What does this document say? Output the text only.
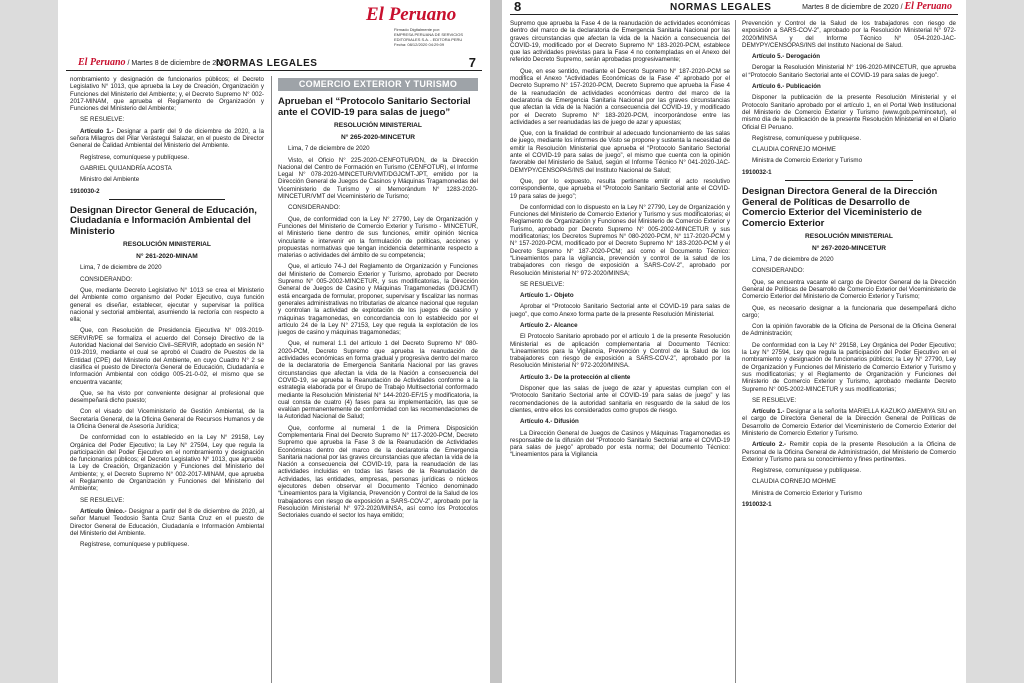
El Peruano
Firmado Digitalmente por:
EMPRESA PERUANA DE SERVICIOS
EDITORIALES S.A. - EDITORA PERU
Fecha: 08/12/2020 04:29:09
El Peruano / Martes 8 de diciembre de 2020
NORMAS LEGALES	7

nombramiento y designación de funcionarios públicos; el Decreto Legislativo N° 1013, que aprueba la Ley de Creación, Organización y Funciones del Ministerio del Ambiente; y, el Decreto Supremo N° 002-2017-MINAM, que aprueba el Reglamento de Organización y Funciones del Ministerio del Ambiente;

SE RESUELVE:

Artículo 1.- Designar a partir del 9 de diciembre de 2020, a la señora Milagros del Pilar Verástegui Salazar, en el puesto de Director General de Calidad Ambiental del Ministerio del Ambiente.

Regístrese, comuníquese y publíquese.

GABRIEL QUIJANDRÍA ACOSTA

Ministro del Ambiente

1910030-2

Designan Director General de Educación, Ciudadanía e Información Ambiental del Ministerio

RESOLUCIÓN MINISTERIAL

N° 261-2020-MINAM

Lima, 7 de diciembre de 2020

CONSIDERANDO:

Que, mediante Decreto Legislativo N° 1013 se crea el Ministerio del Ambiente como organismo del Poder Ejecutivo, cuya función general es diseñar, establecer, ejecutar y supervisar la política nacional y sectorial ambiental, asumiendo la rectoría con respecto a ella;

Que, con Resolución de Presidencia Ejecutiva N° 093-2019-SERVIR/PE se formaliza el acuerdo del Consejo Directivo de la Autoridad Nacional del Servicio Civil–SERVIR, adoptado en sesión N° 019-2019, mediante el cual se aprobó el Cuadro de Puestos de la Entidad (CPE) del Ministerio del Ambiente, en cuyo Cuadro N° 2 se clasifica el puesto de Director/a General de Educación, Ciudadanía e Información Ambiental con código 005-21-0-02, el mismo que se encuentra vacante;

Que, se ha visto por conveniente designar al profesional que desempeñará dicho puesto;

Con el visado del Viceministerio de Gestión Ambiental, de la Secretaría General, de la Oficina General de Recursos Humanos y de la Oficina General de Asesoría Jurídica;

De conformidad con lo establecido en la Ley N° 29158, Ley Orgánica del Poder Ejecutivo; la Ley N° 27594, Ley que regula la participación del Poder Ejecutivo en el nombramiento y designación de funcionarios públicos; el Decreto Legislativo N° 1013, que aprueba la Ley de Creación, Organización y Funciones del Ministerio del Ambiente; y, el Decreto Supremo N° 002-2017-MINAM, que aprueba el Reglamento de Organización y Funciones del Ministerio del Ambiente;

SE RESUELVE:

Artículo Único.- Designar a partir del 8 de diciembre de 2020, al señor Manuel Teodosio Santa Cruz Santa Cruz en el puesto de Director General de Educación, Ciudadanía e Información Ambiental del Ministerio del Ambiente.

Regístrese, comuníquese y publíquese.

COMERCIO EXTERIOR Y TURISMO

Aprueban el “Protocolo Sanitario Sectorial ante el COVID-19 para salas de juego”

RESOLUCIÓN MINISTERIAL

N° 265-2020-MINCETUR

Lima, 7 de diciembre de 2020

Visto, el Oficio N° 225-2020-CENFOTUR/DN, de la Dirección Nacional del Centro de Formación en Turismo (CENFOTUR), el Informe Legal N° 078-2020-MINCETUR/VMT/DGJCMT-JPT, emitido por la Dirección General de Juegos de Casinos y Máquinas Tragamonedas del Viceministerio de Turismo y el Memorándum N° 1283-2020-MINCETUR/VMT del Viceministerio de Turismo;

CONSIDERANDO:

Que, de conformidad con la Ley N° 27790, Ley de Organización y Funciones del Ministerio de Comercio Exterior y Turismo - MINCETUR, el Ministerio tiene dentro de sus funciones, emitir opinión técnica vinculante e intervenir en la formulación de políticas, acciones y propuestas normativas que tengan incidencia determinante respecto a materias o actividades del ámbito de su competencia;

Que, el artículo 74-J del Reglamento de Organización y Funciones del Ministerio de Comercio Exterior y Turismo, aprobado por Decreto Supremo N° 005-2002-MINCETUR, y sus modificatorias, la Dirección General de Juegos de Casino y Máquinas Tragamonedas (DGJCMT) está encargada de formular, proponer, supervisar y fiscalizar las normas generales administrativas no tributarias de alcance nacional que regulan y controlan la actividad de explotación de los juegos de casino y máquinas tragamonedas, en concordancia con lo establecido por el artículo 24 de la Ley N° 27153, Ley que regula la explotación de los juegos de casino y máquinas tragamonedas;

Que, el numeral 1.1 del artículo 1 del Decreto Supremo N° 080-2020-PCM, Decreto Supremo que aprueba la reanudación de actividades económicas en forma gradual y progresiva dentro del marco de la declaratoria de Emergencia Sanitaria Nacional por las graves circunstancias que afectan la vida de la Nación a consecuencia del COVID-19, se aprueba la Reanudación de Actividades conforme a la estrategia elaborada por el Grupo de Trabajo Multisectorial conformado mediante la Resolución Ministerial N° 144-2020-EF/15 y modificatoria, la cual consta de cuatro (4) fases para su implementación, las que se evalúan permanentemente de conformidad con las recomendaciones de la Autoridad Nacional de Salud;

Que, conforme al numeral 1 de la Primera Disposición Complementaria Final del Decreto Supremo N° 117-2020-PCM, Decreto Supremo que aprueba la Fase 3 de la Reanudación de Actividades Económicas dentro del marco de la declaratoria de Emergencia Sanitaria nacional por las graves circunstancias que afectan la vida de la Nación a consecuencia del COVID-19, para la reanudación de las actividades incluidas en todas las fases de la Reanudación de Actividades, las entidades, empresas, personas jurídicas o núcleos ejecutores deben observar el Documento Técnico denominado “Lineamientos para la Vigilancia, Prevención y Control de la Salud de los trabajadores con riesgo de exposición a SARS-COV-2”, aprobado por la Resolución Ministerial N° 972-2020/MINSA, así como los Protocolos Sectoriales cuando el sector los haya emitido;

8	NORMAS LEGALES	Martes 8 de diciembre de 2020 / El Peruano

Supremo que aprueba la Fase 4 de la reanudación de actividades económicas dentro del marco de la declaratoria de Emergencia Sanitaria Nacional por las graves circunstancias que afectan la vida de la Nación a consecuencia del COVID-19, modificado por el Decreto Supremo N° 183-2020-PCM, establece que las actividades previstas para la Fase 4 no contempladas en el Anexo del referido Decreto Supremo, serán aprobadas progresivamente;

Que, en ese sentido, mediante el Decreto Supremo N° 187-2020-PCM se modifica el Anexo “Actividades Económicas de la Fase 4” aprobado por el Decreto Supremo N° 157-2020-PCM, Decreto Supremo que aprueba la Fase 4 de la reanudación de actividades económicas dentro del marco de la declaratoria de Emergencia Sanitaria Nacional por las graves circunstancias que afectan la vida de la Nación a consecuencia del COVID-19, y modificado por el Decreto Supremo N° 183-2020-PCM, incorporándose entre las actividades a ser reanudadas las de juego de azar y apuestas;

Que, con la finalidad de contribuir al adecuado funcionamiento de las salas de juego, mediante los informes de Visto se propone y sustenta la necesidad de emitir la Resolución Ministerial que aprueba el “Protocolo Sanitario Sectorial ante el COVID-19 para salas de juego”, el mismo que cuenta con la opinión favorable del Ministerio de Salud, según el Informe Técnico N° 041-2020-JAC-DEMYPY/CENSOPAS/INS del Instituto Nacional de Salud;

Que, por lo expuesto, resulta pertinente emitir el acto resolutivo correspondiente, que aprueba el “Protocolo Sanitario Sectorial ante el COVID-19 para salas de juego”;

De conformidad con lo dispuesto en la Ley N° 27790, Ley de Organización y Funciones del Ministerio de Comercio Exterior y Turismo y sus modificatorias; el Reglamento de Organización y Funciones del Ministerio de Comercio Exterior y Turismo, aprobado por Decreto Supremo N° 005-2002-MINCETUR y sus modificatorias; los Decretos Supremos N° 080-2020-PCM, N° 117-2020-PCM y N° 157-2020-PCM, modificado por el Decreto Supremo N° 183-2020-PCM y el Decreto Supremo N° 187-2020-PCM; así como el Documento Técnico: “Lineamientos para la vigilancia, prevención y control de la salud de los trabajadores con riesgo de exposición a SARS-CoV-2”, aprobado por Resolución Ministerial N° 972-2020/MINSA;

SE RESUELVE:

Artículo 1.- Objeto

Aprobar el “Protocolo Sanitario Sectorial ante el COVID-19 para salas de juego”, que como Anexo forma parte de la presente Resolución Ministerial.

Artículo 2.- Alcance

El Protocolo Sanitario aprobado por el artículo 1 de la presente Resolución Ministerial es de aplicación complementaria al Documento Técnico: “Lineamientos para la Vigilancia, Prevención y Control de la Salud de los trabajadores con riesgo de exposición a SARS-COV-2”, aprobado por la Resolución Ministerial N° 972-2020/MINSA.

Artículo 3.- De la protección al cliente

Disponer que las salas de juego de azar y apuestas cumplan con el “Protocolo Sanitario Sectorial ante el COVID-19 para salas de juego” y las recomendaciones de la autoridad sanitaria en resguardo de la salud de los clientes, entre ellos los considerados como grupos de riesgo.

Artículo 4.- Difusión

La Dirección General de Juegos de Casinos y Máquinas Tragamonedas es responsable de la difusión del “Protocolo Sanitario Sectorial ante el COVID-19 para salas de juego” aprobado por esta norma; del Documento Técnico: “Lineamientos para la Vigilancia

Prevención y Control de la Salud de los trabajadores con riesgo de exposición a SARS-COV-2”, aprobado por la Resolución Ministerial N° 972-2020/MINSA y del Informe Técnico N° 054-2020-JAC-DEMYPY/CENSOPAS/INS del Instituto Nacional de Salud.

Artículo 5.- Derogación

Derogar la Resolución Ministerial N° 196-2020-MINCETUR, que aprueba el “Protocolo Sanitario Sectorial ante el COVID-19 para salas de juego”.

Artículo 6.- Publicación

Disponer la publicación de la presente Resolución Ministerial y el Protocolo Sanitario aprobado por el artículo 1, en el Portal Web Institucional del Ministerio de Comercio Exterior y Turismo (www.gob.pe/mincetur), el mismo día de la publicación de la presente Resolución Ministerial en el Diario Oficial El Peruano.

Regístrese, comuníquese y publíquese.

CLAUDIA CORNEJO MOHME

Ministra de Comercio Exterior y Turismo

1910032-1

Designan Directora General de la Dirección General de Políticas de Desarrollo de Comercio Exterior del Viceministerio de Comercio Exterior

RESOLUCIÓN MINISTERIAL

N° 267-2020-MINCETUR

Lima, 7 de diciembre de 2020

CONSIDERANDO:

Que, se encuentra vacante el cargo de Director General de la Dirección General de Políticas de Desarrollo de Comercio Exterior del Viceministerio de Comercio Exterior del Ministerio de Comercio Exterior y Turismo;

Que, es necesario designar a la funcionaria que desempeñará dicho cargo;

Con la opinión favorable de la Oficina de Personal de la Oficina General de Administración;

De conformidad con la Ley N° 29158, Ley Orgánica del Poder Ejecutivo; la Ley N° 27594, Ley que regula la participación del Poder Ejecutivo en el nombramiento y designación de funcionarios públicos; la Ley N° 27790, Ley de Organización y Funciones del Ministerio de Comercio Exterior y Turismo y sus modificatorias; y el Reglamento de Organización y Funciones del Ministerio de Comercio Exterior y Turismo, aprobado mediante Decreto Supremo N° 005-2002-MINCETUR y sus modificatorias;

SE RESUELVE:

Artículo 1.- Designar a la señorita MARIELLA KAZUKO AMEMIYA SIU en el cargo de Directora General de la Dirección General de Políticas de Desarrollo de Comercio Exterior del Viceministerio de Comercio Exterior del Ministerio de Comercio Exterior y Turismo.

Artículo 2.- Remitir copia de la presente Resolución a la Oficina de Personal de la Oficina General de Administración, del Ministerio de Comercio Exterior y Turismo para su conocimiento y fines pertinentes.

Regístrese, comuníquese y publíquese.

CLAUDIA CORNEJO MOHME

Ministra de Comercio Exterior y Turismo

1910032-1
